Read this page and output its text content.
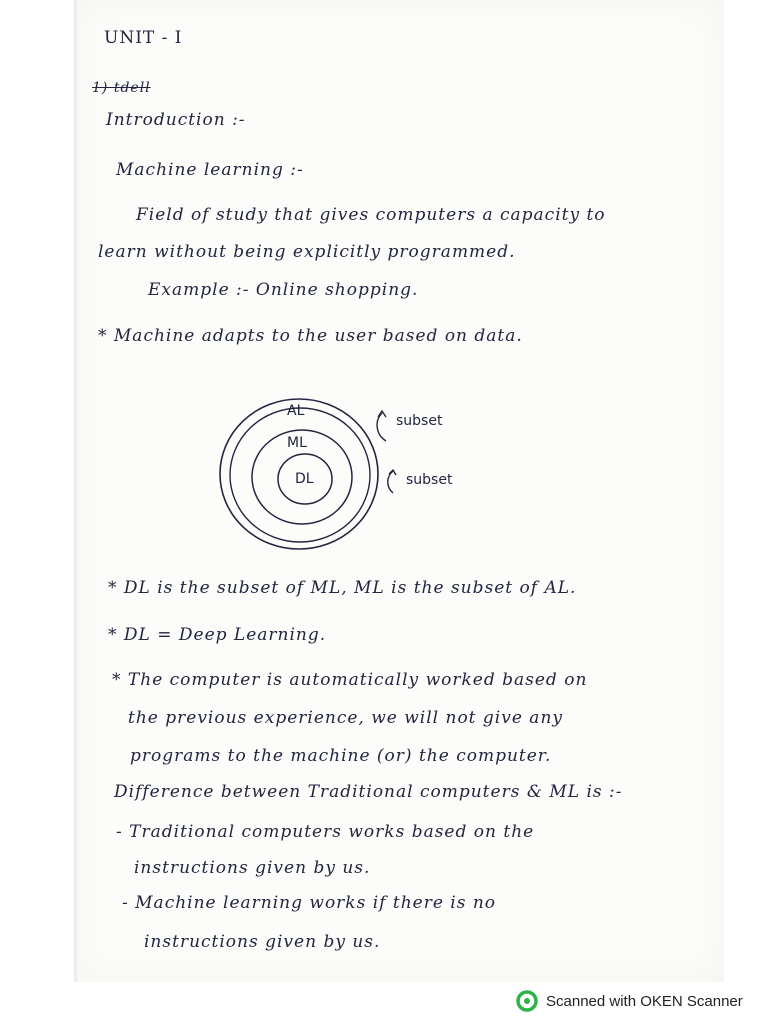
UNIT - I
1) tdell
Introduction :-
Machine learning :-
Field of study that gives computers a capacity to
learn without being explicitly programmed.
Example :- Online shopping.
* Machine adapts to the user based on data.
AL
ML
DL
subset
subset
* DL is the subset of ML, ML is the subset of AL.
* DL = Deep Learning.
* The computer is automatically worked based on
the previous experience, we will not give any
programs to the machine (or) the computer.
Difference between Traditional computers & ML is :-
- Traditional computers works based on the
instructions given by us.
- Machine learning works if there is no
instructions given by us.
Scanned with OKEN Scanner
